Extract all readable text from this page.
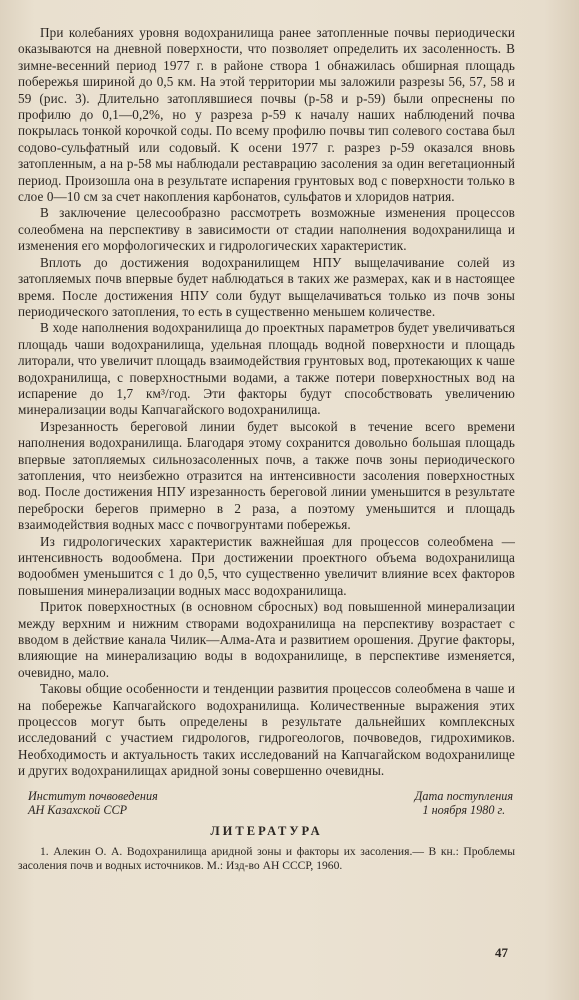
При колебаниях уровня водохранилища ранее затопленные почвы периодически оказываются на дневной поверхности, что позволяет определить их засоленность. В зимне-весенний период 1977 г. в районе створа 1 обнажилась обширная площадь побережья шириной до 0,5 км. На этой территории мы заложили разрезы 56, 57, 58 и 59 (рис. 3). Длительно затоплявшиеся почвы (р-58 и р-59) были опреснены по профилю до 0,1—0,2%, но у разреза р-59 к началу наших наблюдений почва покрылась тонкой корочкой соды. По всему профилю почвы тип солевого состава был содово-сульфатный или содовый. К осени 1977 г. разрез р-59 оказался вновь затопленным, а на р-58 мы наблюдали реставрацию засоления за один вегетационный период. Произошла она в результате испарения грунтовых вод с поверхности только в слое 0—10 см за счет накопления карбонатов, сульфатов и хлоридов натрия.

В заключение целесообразно рассмотреть возможные изменения процессов солеобмена на перспективу в зависимости от стадии наполнения водохранилища и изменения его морфологических и гидрологических характеристик.

Вплоть до достижения водохранилищем НПУ выщелачивание солей из затопляемых почв впервые будет наблюдаться в таких же размерах, как и в настоящее время. После достижения НПУ соли будут выщелачиваться только из почв зоны периодического затопления, то есть в существенно меньшем количестве.

В ходе наполнения водохранилища до проектных параметров будет увеличиваться площадь чаши водохранилища, удельная площадь водной поверхности и площадь литорали, что увеличит площадь взаимодействия грунтовых вод, протекающих к чаше водохранилища, с поверхностными водами, а также потери поверхностных вод на испарение до 1,7 км³/год. Эти факторы будут способствовать увеличению минерализации воды Капчагайского водохранилища.

Изрезанность береговой линии будет высокой в течение всего времени наполнения водохранилища. Благодаря этому сохранится довольно большая площадь впервые затопляемых сильнозасоленных почв, а также почв зоны периодического затопления, что неизбежно отразится на интенсивности засоления поверхностных вод. После достижения НПУ изрезанность береговой линии уменьшится в результате переброски берегов примерно в 2 раза, а поэтому уменьшится и площадь взаимодействия водных масс с почвогрунтами побережья.

Из гидрологических характеристик важнейшая для процессов солеобмена — интенсивность водообмена. При достижении проектного объема водохранилища водообмен уменьшится с 1 до 0,5, что существенно увеличит влияние всех факторов повышения минерализации водных масс водохранилища.

Приток поверхностных (в основном сбросных) вод повышенной минерализации между верхним и нижним створами водохранилища на перспективу возрастает с вводом в действие канала Чилик—Алма-Ата и развитием орошения. Другие факторы, влияющие на минерализацию воды в водохранилище, в перспективе изменяется, очевидно, мало.

Таковы общие особенности и тенденции развития процессов солеобмена в чаше и на побережье Капчагайского водохранилища. Количественные выражения этих процессов могут быть определены в результате дальнейших комплексных исследований с участием гидрологов, гидрогеологов, почвоведов, гидрохимиков. Необходимость и актуальность таких исследований на Капчагайском водохранилище и других водохранилищах аридной зоны совершенно очевидны.

Институт почвоведения
АН Казахской ССР
Дата поступления
1 ноября 1980 г.
ЛИТЕРАТУРА
1. Алекин О. А. Водохранилища аридной зоны и факторы их засоления.— В кн.: Проблемы засоления почв и водных источников. М.: Изд-во АН СССР, 1960.
47
